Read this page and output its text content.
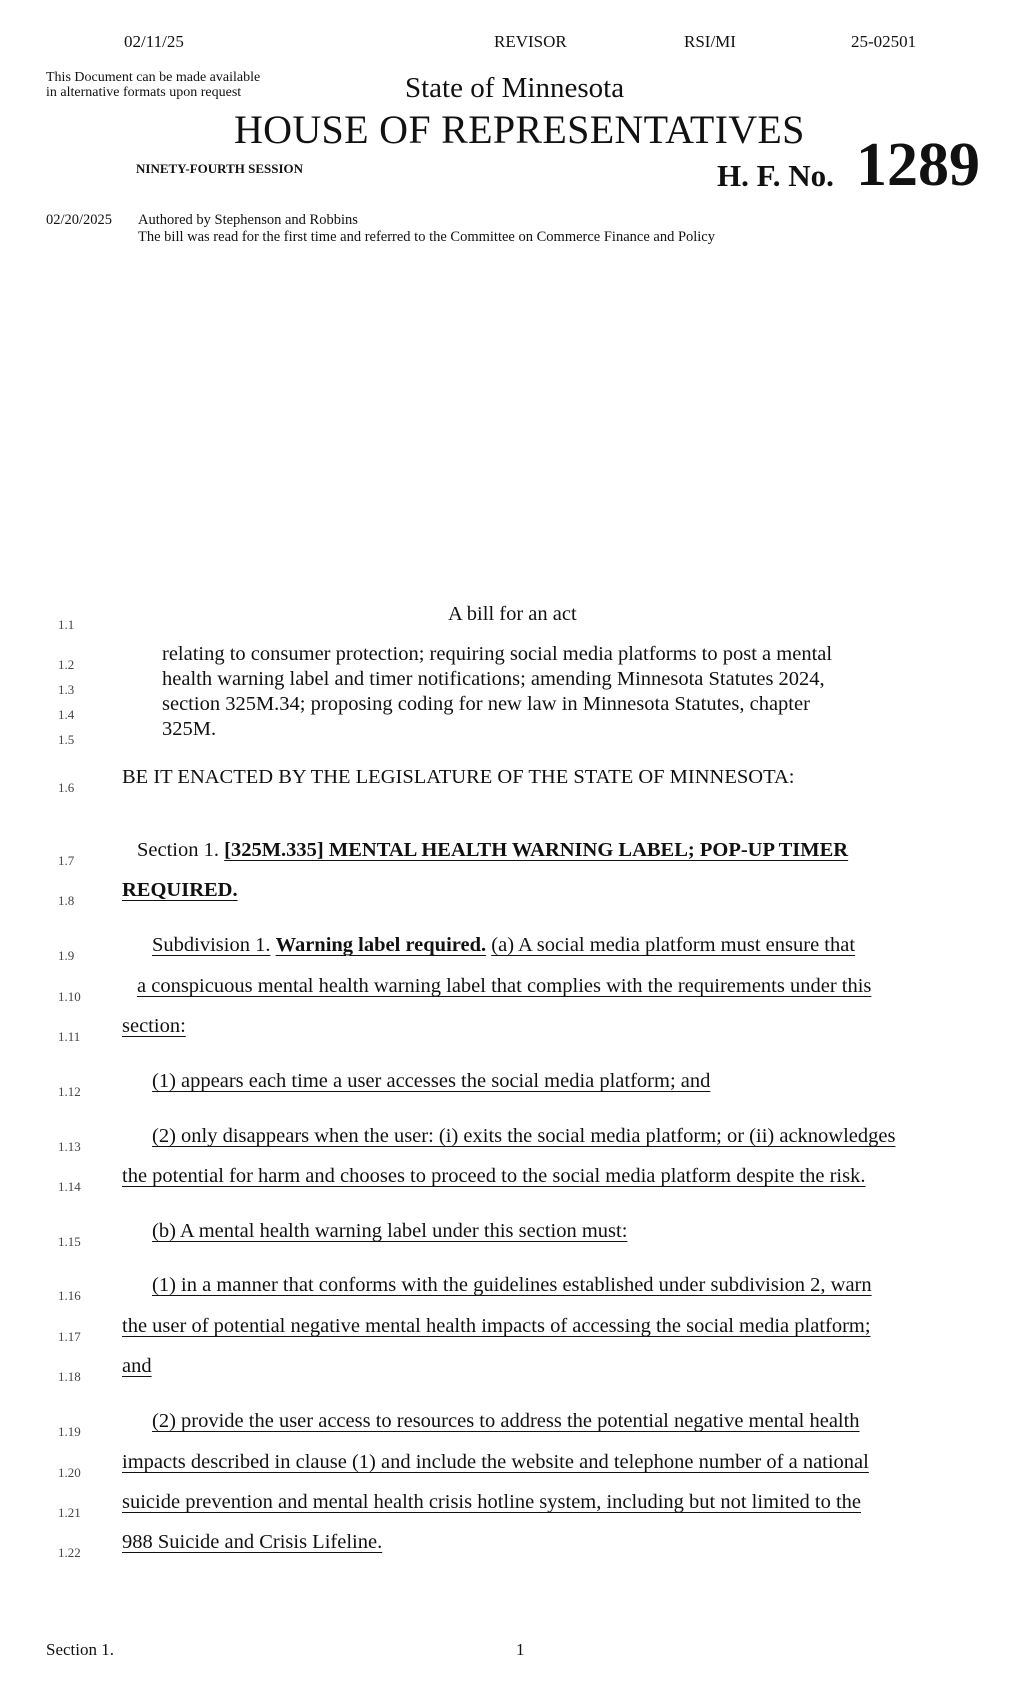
02/11/25	REVISOR	RSI/MI	25-02501
This Document can be made available
in alternative formats upon request	State of Minnesota
HOUSE OF REPRESENTATIVES
NINETY-FOURTH SESSION	H. F. No. 1289
02/20/2025 Authored by Stephenson and Robbins
The bill was read for the first time and referred to the Committee on Commerce Finance and Policy
1.1
1.2
1.3
1.4
1.5
1.6
1.7
1.8
1.9
1.10
1.11
1.12
1.13
1.14
1.15
1.16
1.17
1.18
1.19
1.20
1.21
1.22
A bill for an act
relating to consumer protection; requiring social media platforms to post a mental
health warning label and timer notifications; amending Minnesota Statutes 2024,
section 325M.34; proposing coding for new law in Minnesota Statutes, chapter
325M.
BE IT ENACTED BY THE LEGISLATURE OF THE STATE OF MINNESOTA:
Section 1. [325M.335] MENTAL HEALTH WARNING LABEL; POP-UP TIMER
REQUIRED.
Subdivision 1. Warning label required. (a) A social media platform must ensure that
a conspicuous mental health warning label that complies with the requirements under this
section:
(1) appears each time a user accesses the social media platform; and
(2) only disappears when the user: (i) exits the social media platform; or (ii) acknowledges
the potential for harm and chooses to proceed to the social media platform despite the risk.
(b) A mental health warning label under this section must:
(1) in a manner that conforms with the guidelines established under subdivision 2, warn
the user of potential negative mental health impacts of accessing the social media platform;
and
(2) provide the user access to resources to address the potential negative mental health
impacts described in clause (1) and include the website and telephone number of a national
suicide prevention and mental health crisis hotline system, including but not limited to the
988 Suicide and Crisis Lifeline.
Section 1.	1
